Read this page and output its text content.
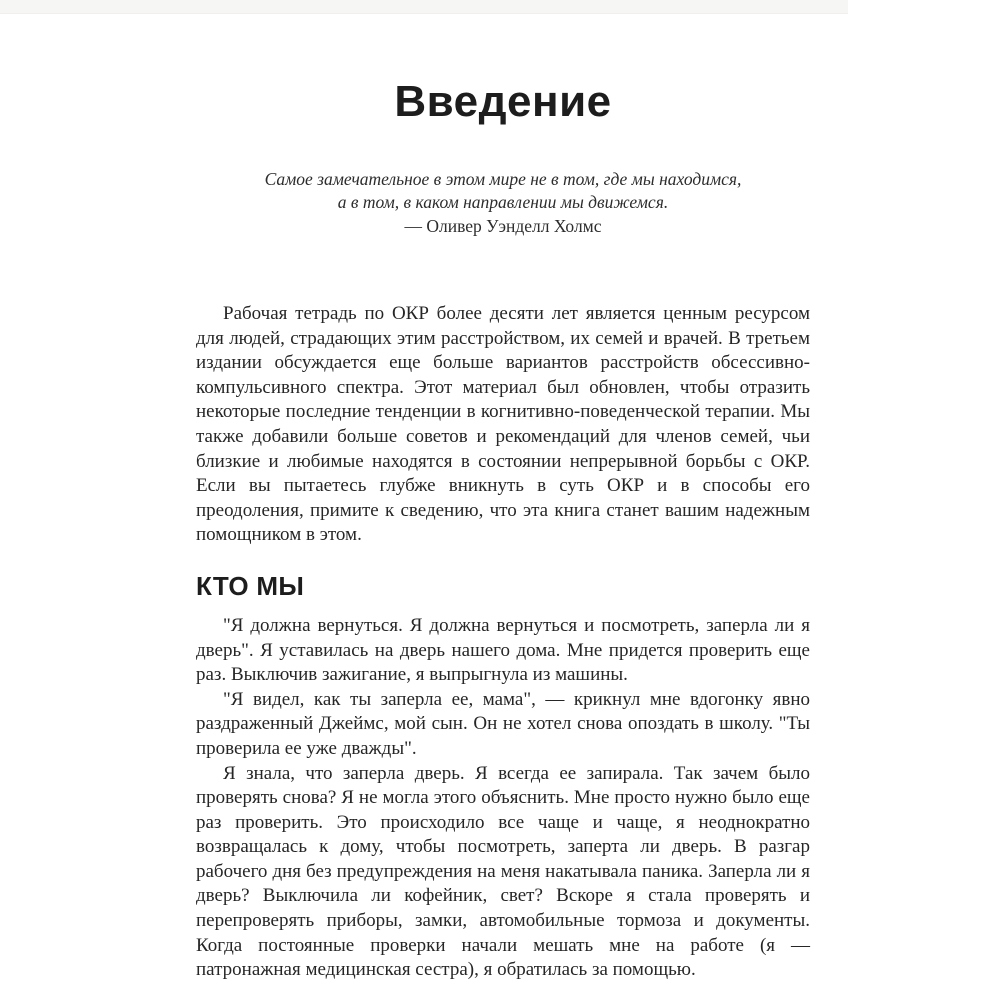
Введение
Самое замечательное в этом мире не в том, где мы находимся,
а в том, в каком направлении мы движемся.
— Оливер Уэнделл Холмс

Рабочая тетрадь по ОКР более десяти лет является ценным ресурсом для людей, страдающих этим расстройством, их семей и врачей. В третьем издании обсуждается еще больше вариантов расстройств обсессивно-компульсивного спектра. Этот материал был обновлен, чтобы отразить некоторые последние тенденции в когнитивно-поведенческой терапии. Мы также добавили больше советов и рекомендаций для членов семей, чьи близкие и любимые находятся в состоянии непрерывной борьбы с ОКР. Если вы пытаетесь глубже вникнуть в суть ОКР и в способы его преодоления, примите к сведению, что эта книга станет вашим надежным помощником в этом.

КТО МЫ

"Я должна вернуться. Я должна вернуться и посмотреть, заперла ли я дверь". Я уставилась на дверь нашего дома. Мне придется проверить еще раз. Выключив зажигание, я выпрыгнула из машины.

"Я видел, как ты заперла ее, мама", — крикнул мне вдогонку явно раздраженный Джеймс, мой сын. Он не хотел снова опоздать в школу. "Ты проверила ее уже дважды".

Я знала, что заперла дверь. Я всегда ее запирала. Так зачем было проверять снова? Я не могла этого объяснить. Мне просто нужно было еще раз проверить. Это происходило все чаще и чаще, я неоднократно возвращалась к дому, чтобы посмотреть, заперта ли дверь. В разгар рабочего дня без предупреждения на меня накатывала паника. Заперла ли я дверь? Выключила ли кофейник, свет? Вскоре я стала проверять и перепроверять приборы, замки, автомобильные тормоза и документы. Когда постоянные проверки начали мешать мне на работе (я — патронажная медицинская сестра), я обратилась за помощью.
